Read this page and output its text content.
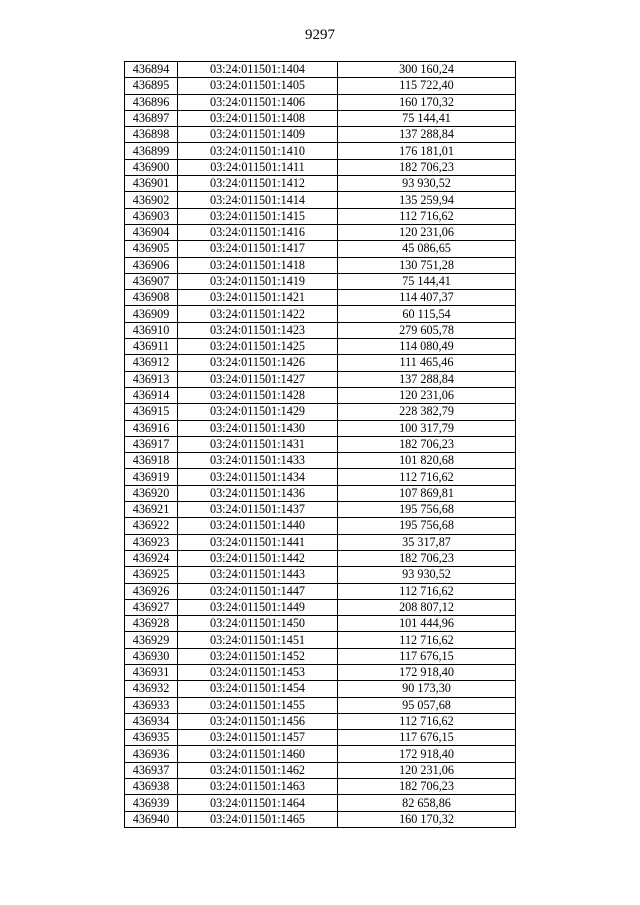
9297
436894	03:24:011501:1404	300 160,24
436895	03:24:011501:1405	115 722,40
436896	03:24:011501:1406	160 170,32
436897	03:24:011501:1408	75 144,41
436898	03:24:011501:1409	137 288,84
436899	03:24:011501:1410	176 181,01
436900	03:24:011501:1411	182 706,23
436901	03:24:011501:1412	93 930,52
436902	03:24:011501:1414	135 259,94
436903	03:24:011501:1415	112 716,62
436904	03:24:011501:1416	120 231,06
436905	03:24:011501:1417	45 086,65
436906	03:24:011501:1418	130 751,28
436907	03:24:011501:1419	75 144,41
436908	03:24:011501:1421	114 407,37
436909	03:24:011501:1422	60 115,54
436910	03:24:011501:1423	279 605,78
436911	03:24:011501:1425	114 080,49
436912	03:24:011501:1426	111 465,46
436913	03:24:011501:1427	137 288,84
436914	03:24:011501:1428	120 231,06
436915	03:24:011501:1429	228 382,79
436916	03:24:011501:1430	100 317,79
436917	03:24:011501:1431	182 706,23
436918	03:24:011501:1433	101 820,68
436919	03:24:011501:1434	112 716,62
436920	03:24:011501:1436	107 869,81
436921	03:24:011501:1437	195 756,68
436922	03:24:011501:1440	195 756,68
436923	03:24:011501:1441	35 317,87
436924	03:24:011501:1442	182 706,23
436925	03:24:011501:1443	93 930,52
436926	03:24:011501:1447	112 716,62
436927	03:24:011501:1449	208 807,12
436928	03:24:011501:1450	101 444,96
436929	03:24:011501:1451	112 716,62
436930	03:24:011501:1452	117 676,15
436931	03:24:011501:1453	172 918,40
436932	03:24:011501:1454	90 173,30
436933	03:24:011501:1455	95 057,68
436934	03:24:011501:1456	112 716,62
436935	03:24:011501:1457	117 676,15
436936	03:24:011501:1460	172 918,40
436937	03:24:011501:1462	120 231,06
436938	03:24:011501:1463	182 706,23
436939	03:24:011501:1464	82 658,86
436940	03:24:011501:1465	160 170,32
